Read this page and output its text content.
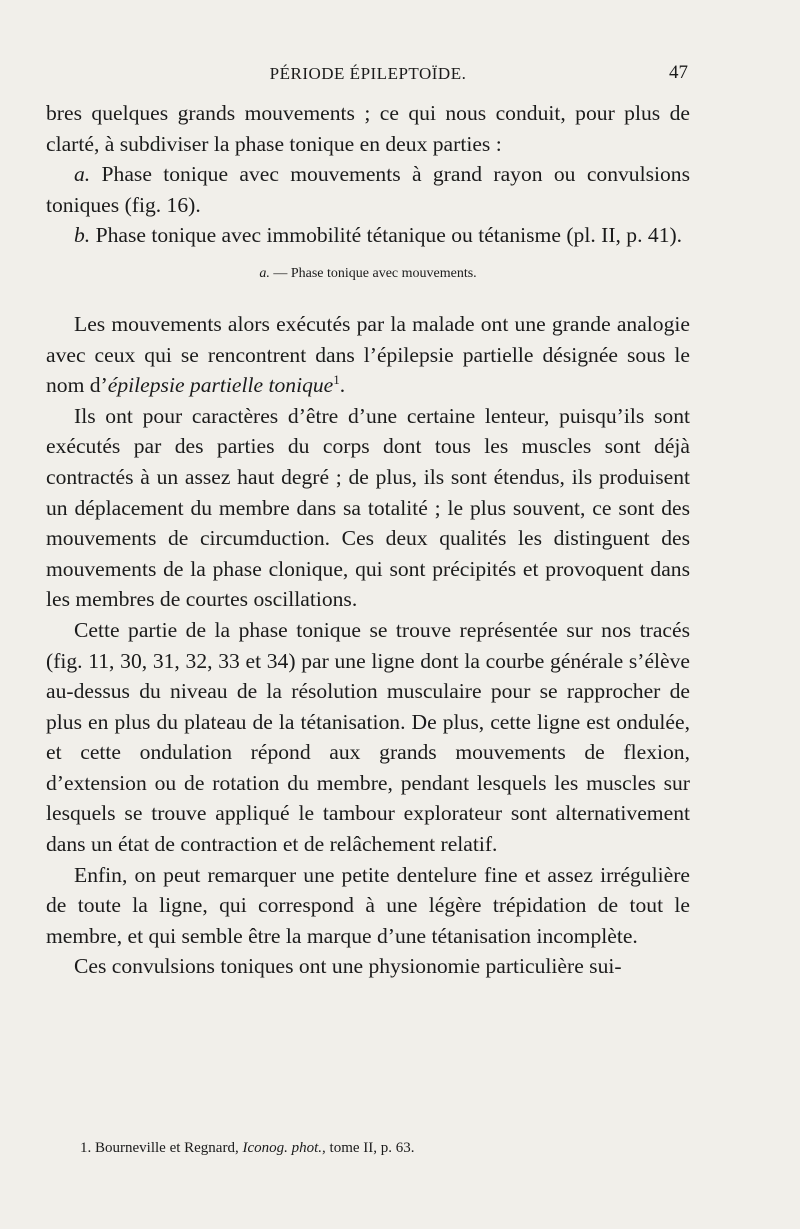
PÉRIODE ÉPILEPTOÏDE.	47

bres quelques grands mouvements ; ce qui nous conduit, pour plus de clarté, à subdiviser la phase tonique en deux parties :

a. Phase tonique avec mouvements à grand rayon ou convulsions toniques (fig. 16).

b. Phase tonique avec immobilité tétanique ou tétanisme (pl. II, p. 41).

a. — Phase tonique avec mouvements.

Les mouvements alors exécutés par la malade ont une grande analogie avec ceux qui se rencontrent dans l’épilepsie partielle désignée sous le nom d’épilepsie partielle tonique$^1$.

Ils ont pour caractères d’être d’une certaine lenteur, puisqu’ils sont exécutés par des parties du corps dont tous les muscles sont déjà contractés à un assez haut degré ; de plus, ils sont étendus, ils produisent un déplacement du membre dans sa totalité ; le plus souvent, ce sont des mouvements de circumduction. Ces deux qualités les distinguent des mouvements de la phase clonique, qui sont précipités et provoquent dans les membres de courtes oscillations.

Cette partie de la phase tonique se trouve représentée sur nos tracés (fig. 11, 30, 31, 32, 33 et 34) par une ligne dont la courbe générale s’élève au-dessus du niveau de la résolution musculaire pour se rapprocher de plus en plus du plateau de la tétanisation. De plus, cette ligne est ondulée, et cette ondulation répond aux grands mouvements de flexion, d’extension ou de rotation du membre, pendant lesquels les muscles sur lesquels se trouve appliqué le tambour explorateur sont alternativement dans un état de contraction et de relâchement relatif.

Enfin, on peut remarquer une petite dentelure fine et assez irrégulière de toute la ligne, qui correspond à une légère trépidation de tout le membre, et qui semble être la marque d’une tétanisation incomplète.

Ces convulsions toniques ont une physionomie particulière sui-

1. Bourneville et Regnard, Iconog. phot., tome II, p. 63.
